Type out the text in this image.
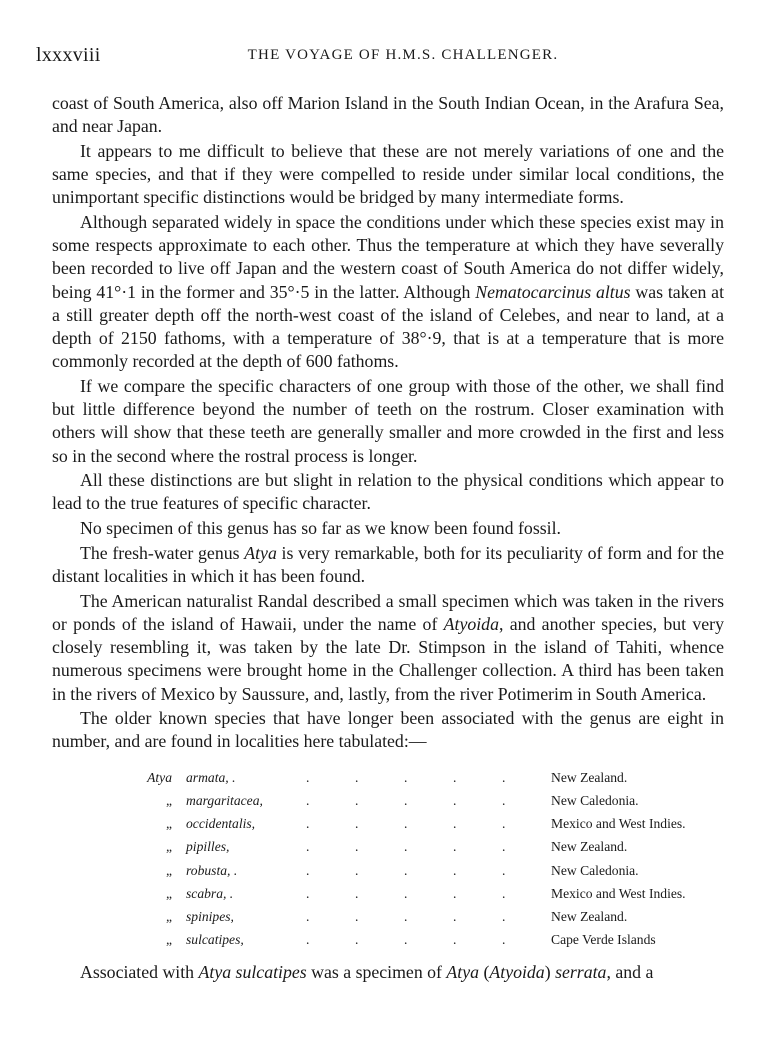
lxxxviii	THE VOYAGE OF H.M.S. CHALLENGER.

coast of South America, also off Marion Island in the South Indian Ocean, in the Arafura Sea, and near Japan.

It appears to me difficult to believe that these are not merely variations of one and the same species, and that if they were compelled to reside under similar local conditions, the unimportant specific distinctions would be bridged by many intermediate forms.

Although separated widely in space the conditions under which these species exist may in some respects approximate to each other. Thus the temperature at which they have severally been recorded to live off Japan and the western coast of South America do not differ widely, being 41°·1 in the former and 35°·5 in the latter. Although Nematocarcinus altus was taken at a still greater depth off the north-west coast of the island of Celebes, and near to land, at a depth of 2150 fathoms, with a temperature of 38°·9, that is at a temperature that is more commonly recorded at the depth of 600 fathoms.

If we compare the specific characters of one group with those of the other, we shall find but little difference beyond the number of teeth on the rostrum. Closer examination with others will show that these teeth are generally smaller and more crowded in the first and less so in the second where the rostral process is longer.

All these distinctions are but slight in relation to the physical conditions which appear to lead to the true features of specific character.

No specimen of this genus has so far as we know been found fossil.

The fresh-water genus Atya is very remarkable, both for its peculiarity of form and for the distant localities in which it has been found.

The American naturalist Randal described a small specimen which was taken in the rivers or ponds of the island of Hawaii, under the name of Atyoida, and another species, but very closely resembling it, was taken by the late Dr. Stimpson in the island of Tahiti, whence numerous specimens were brought home in the Challenger collection. A third has been taken in the rivers of Mexico by Saussure, and, lastly, from the river Potimerim in South America.

The older known species that have longer been associated with the genus are eight in number, and are found in localities here tabulated:—

Atya	armata, .	. . . . .	New Zealand.
„	margaritacea,	. . . . .	New Caledonia.
„	occidentalis,	. . . . .	Mexico and West Indies.
„	pipilles,	. . . . .	New Zealand.
„	robusta, .	. . . . .	New Caledonia.
„	scabra, .	. . . . .	Mexico and West Indies.
„	spinipes,	. . . . .	New Zealand.
„	sulcatipes,	. . . . .	Cape Verde Islands

Associated with Atya sulcatipes was a specimen of Atya (Atyoida) serrata, and a
